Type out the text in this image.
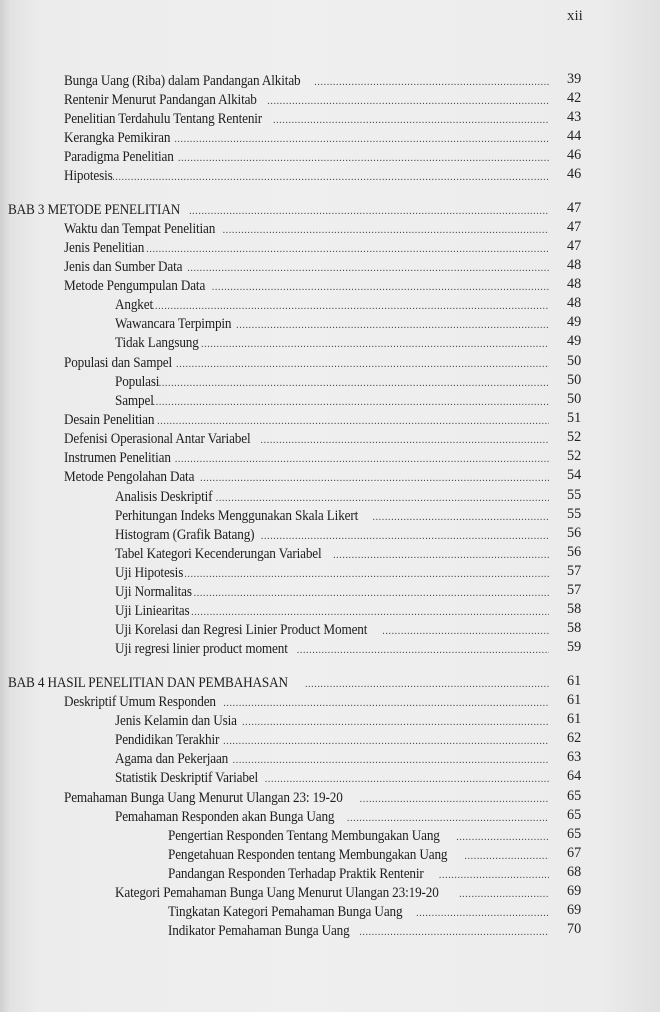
xii
Bunga Uang (Riba) dalam Pandangan Alkitab .....	39
Rentenir Menurut Pandangan Alkitab .....	42
Penelitian Terdahulu Tentang Rentenir .....	43
Kerangka Pemikiran .....	44
Paradigma Penelitian .....	46
Hipotesis .....	46
BAB 3 METODE PENELITIAN .....	47
Waktu dan Tempat Penelitian .....	47
Jenis Penelitian .....	47
Jenis dan Sumber Data .....	48
Metode Pengumpulan Data .....	48
Angket .....	48
Wawancara Terpimpin .....	49
Tidak Langsung .....	49
Populasi dan Sampel .....	50
Populasi .....	50
Sampel .....	50
Desain Penelitian .....	51
Defenisi Operasional Antar Variabel .....	52
Instrumen Penelitian .....	52
Metode Pengolahan Data .....	54
Analisis Deskriptif .....	55
Perhitungan Indeks Menggunakan Skala Likert .....	55
Histogram (Grafik Batang) .....	56
Tabel Kategori Kecenderungan Variabel .....	56
Uji Hipotesis .....	57
Uji Normalitas .....	57
Uji Liniearitas .....	58
Uji Korelasi dan Regresi Linier Product Moment .....	58
Uji regresi linier product moment .....	59
BAB 4 HASIL PENELITIAN DAN PEMBAHASAN .....	61
Deskriptif Umum Responden .....	61
Jenis Kelamin dan Usia .....	61
Pendidikan Terakhir .....	62
Agama dan Pekerjaan .....	63
Statistik Deskriptif Variabel .....	64
Pemahaman Bunga Uang Menurut Ulangan 23: 19-20 .....	65
Pemahaman Responden akan Bunga Uang .....	65
Pengertian Responden Tentang Membungakan Uang .....	65
Pengetahuan Responden tentang Membungakan Uang .....	67
Pandangan Responden Terhadap Praktik Rentenir .....	68
Kategori Pemahaman Bunga Uang Menurut Ulangan 23:19-20 .....	69
Tingkatan Kategori Pemahaman Bunga Uang .....	69
Indikator Pemahaman Bunga Uang .....	70
